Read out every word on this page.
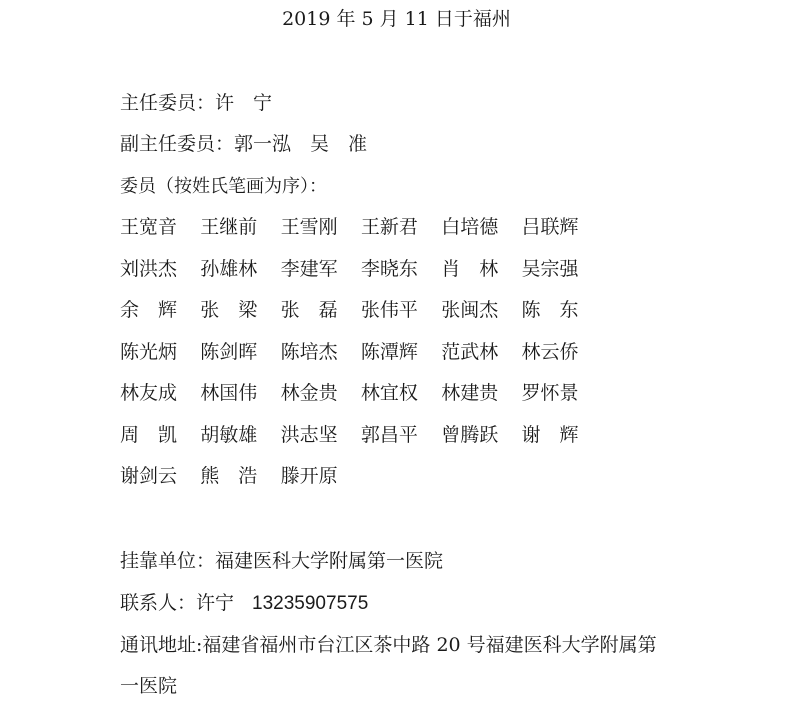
2019 年 5 月 11 日于福州
主任委员：许　宁
副主任委员：郭一泓　吴　准
委员（按姓氏笔画为序）：
王宽音	王继前	王雪刚	王新君	白培德	吕联辉
刘洪杰	孙雄林	李建军	李晓东	肖　林	吴宗强
余　辉	张　梁	张　磊	张伟平	张闽杰	陈　东
陈光炳	陈剑晖	陈培杰	陈潭辉	范武林	林云侨
林友成	林国伟	林金贵	林宜权	林建贵	罗怀景
周　凯	胡敏雄	洪志坚	郭昌平	曾腾跃	谢　辉
谢剑云	熊　浩	滕开原
挂靠单位：福建医科大学附属第一医院
联系人：许宁 13235907575
通讯地址:福建省福州市台江区茶中路 20 号福建医科大学附属第
一医院
